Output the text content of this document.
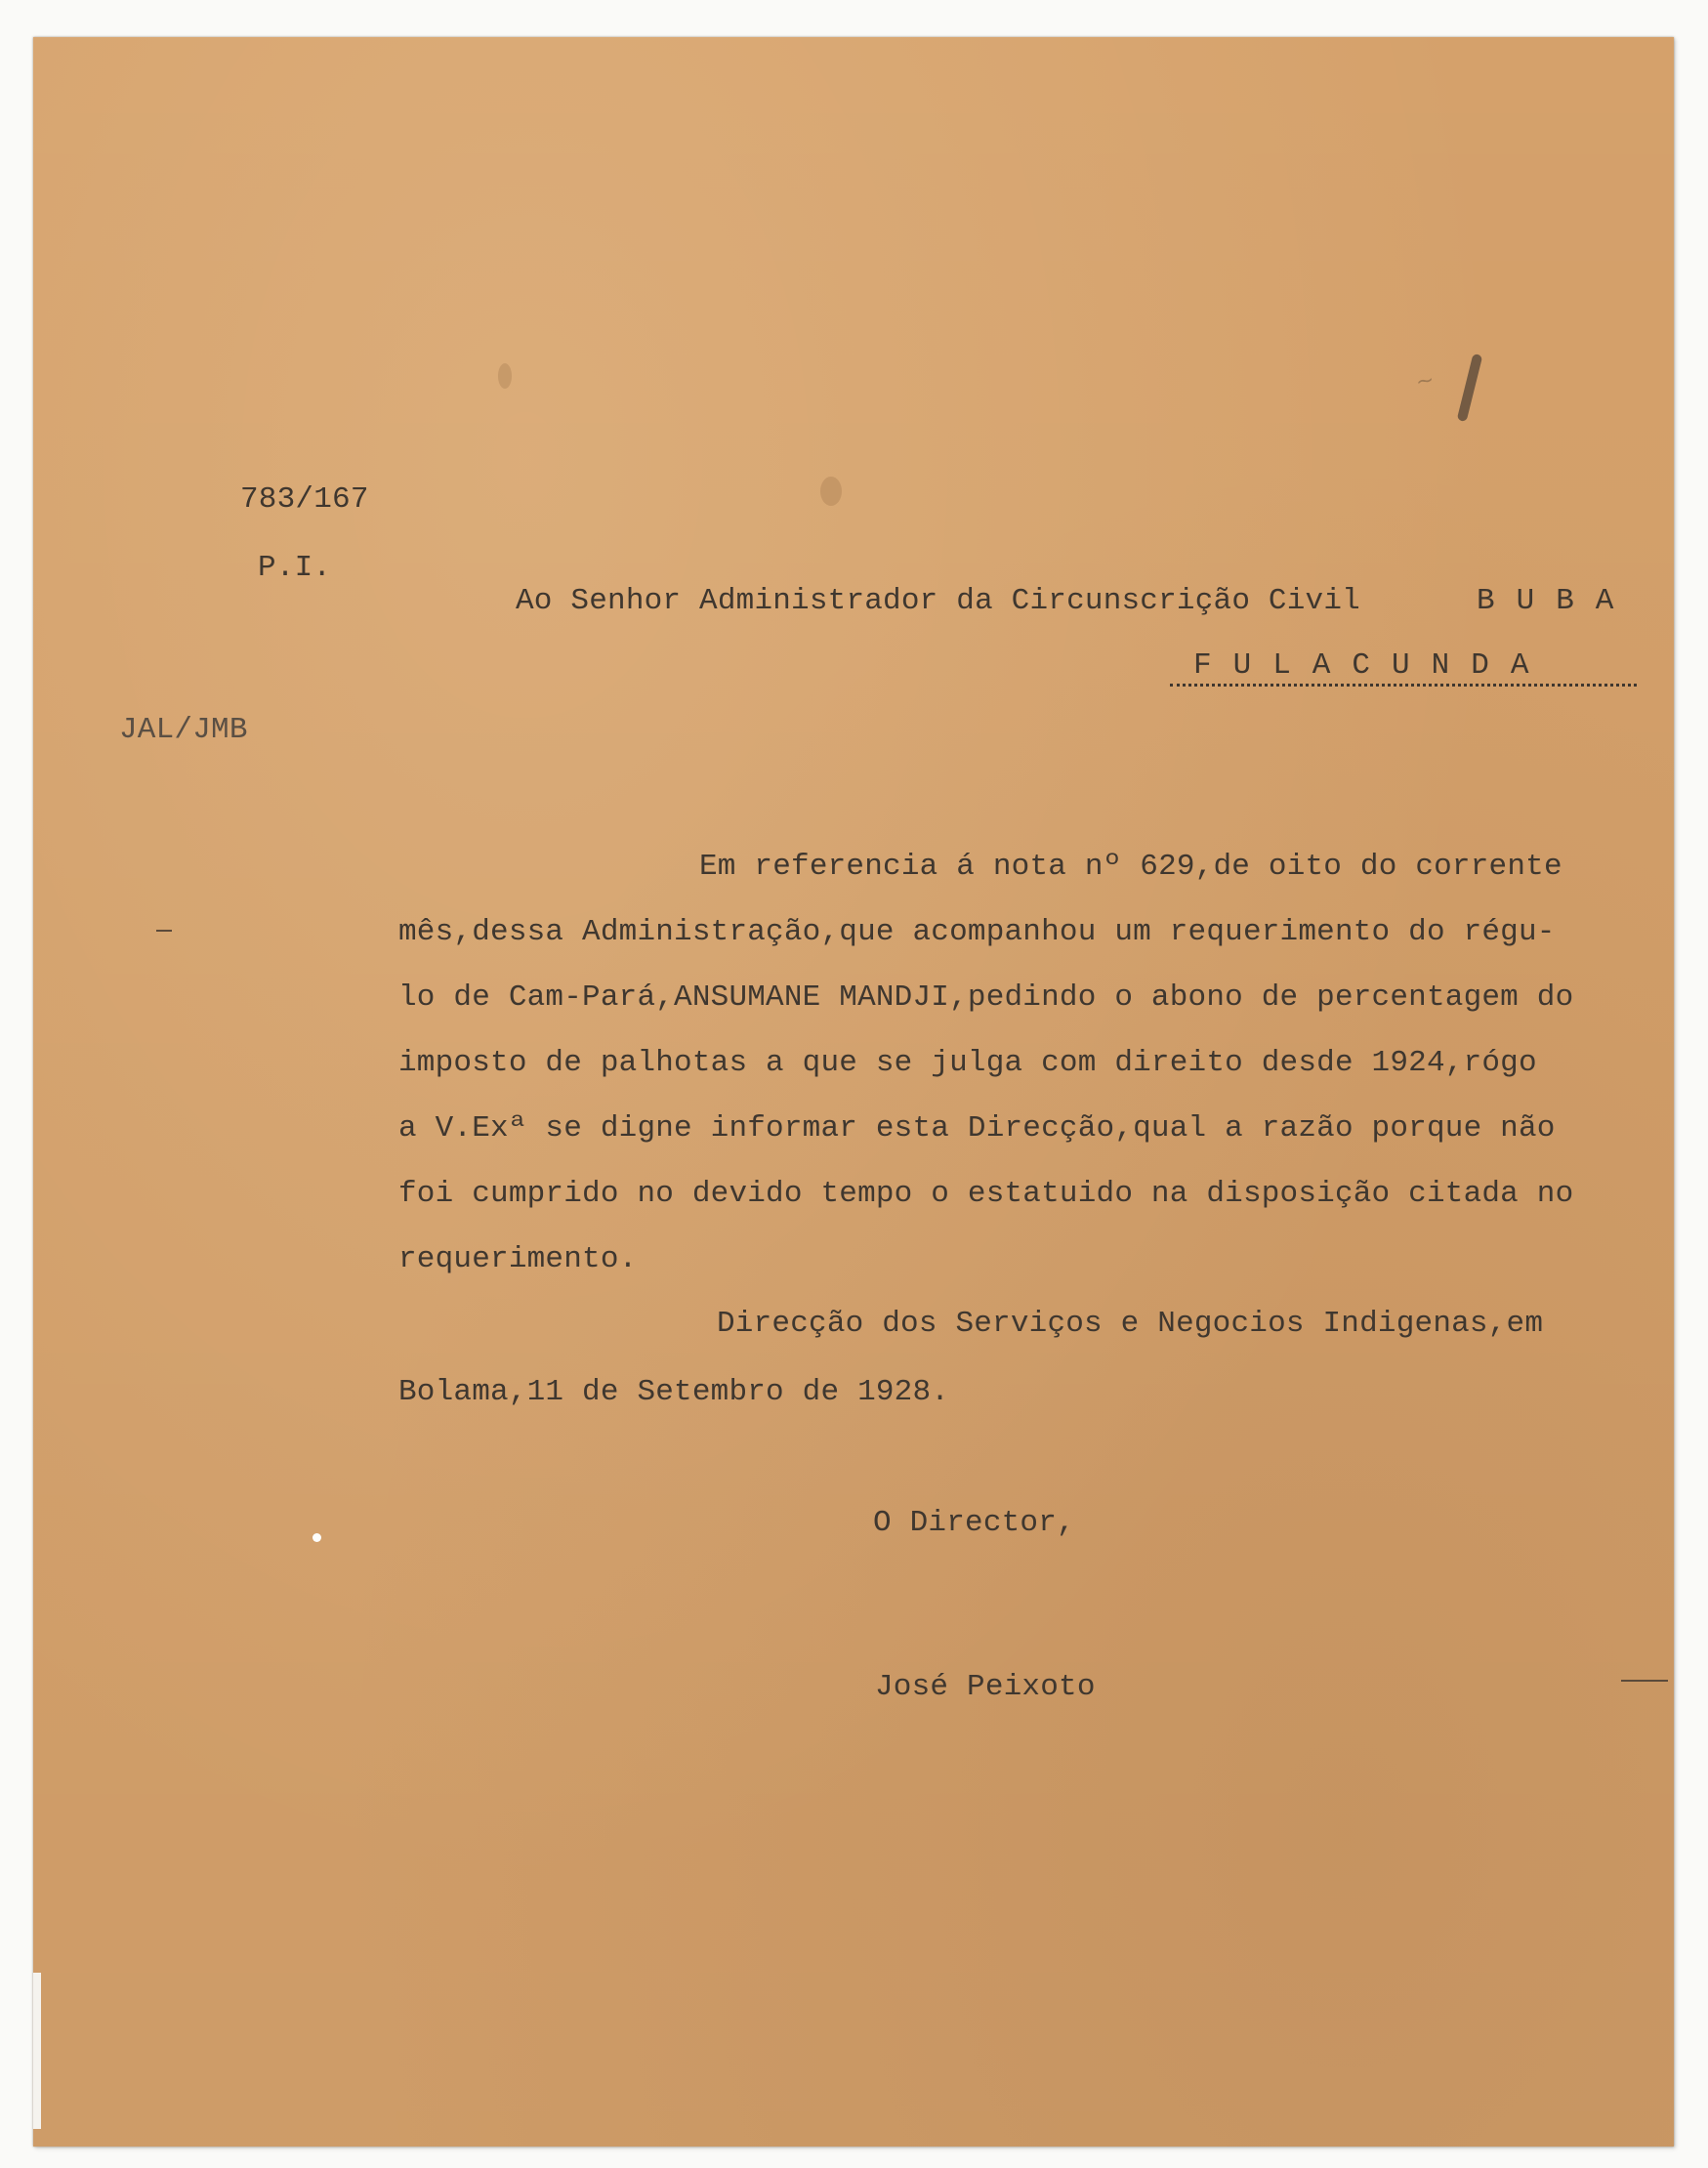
~
783/167
P.I.
JAL/JMB
Ao Senhor Administrador da Circunscrição Civil	BUBA
FULACUNDA
Em referencia á nota nº 629,de oito do corrente
mês,dessa Administração,que acompanhou um requerimento do régu-
lo de Cam-Pará,ANSUMANE MANDJI,pedindo o abono de percentagem do
imposto de palhotas a que se julga com direito desde 1924,rógo
a V.Exª se digne informar esta Direcção,qual a razão porque não
foi cumprido no devido tempo o estatuido na disposição citada no
requerimento.
Direcção dos Serviços e Negocios Indigenas,em
Bolama,11 de Setembro de 1928.
O Director,
José Peixoto
